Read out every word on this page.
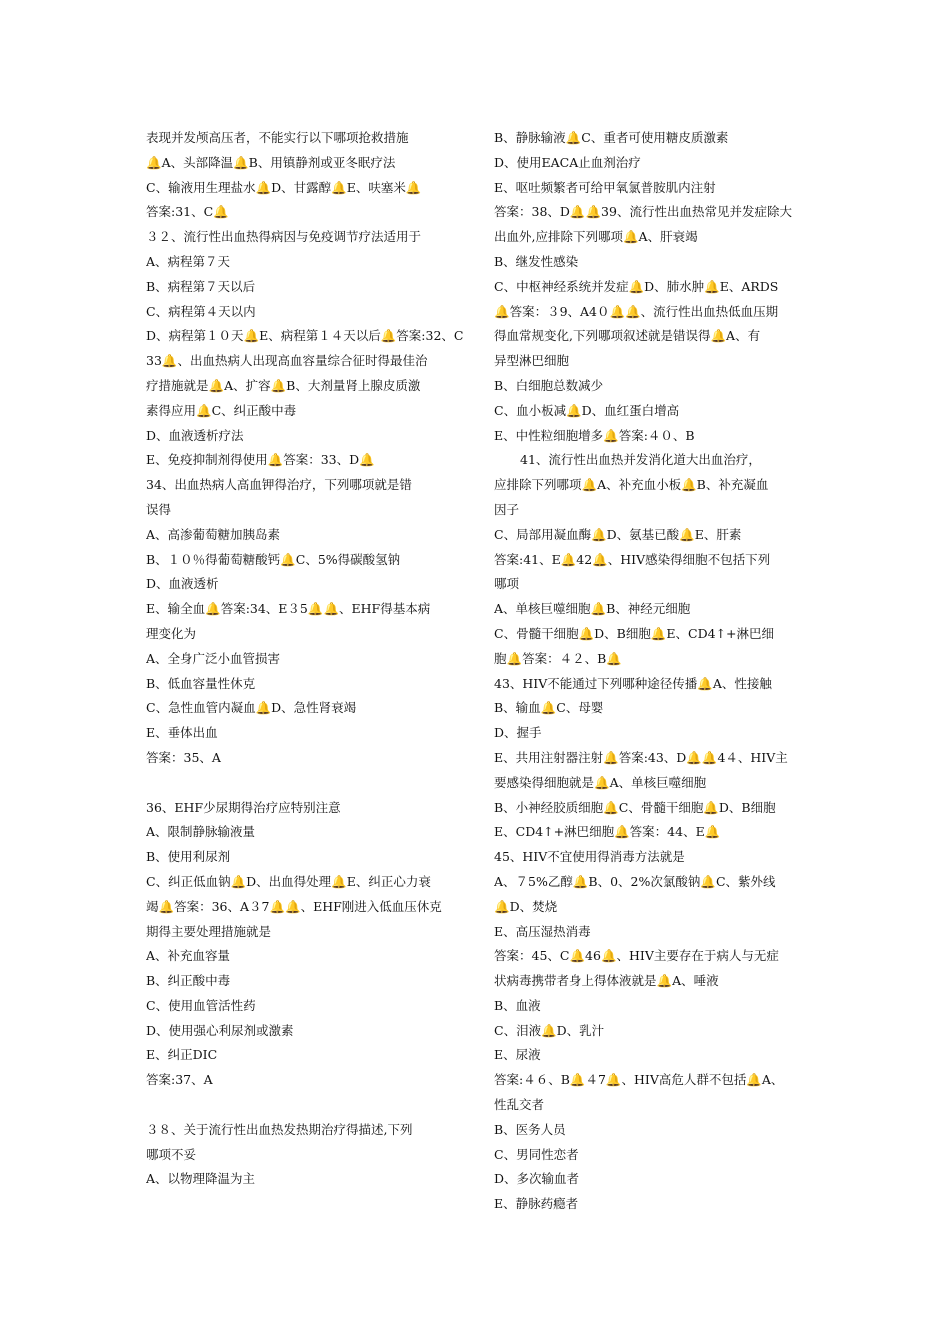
表现并发颅高压者，不能实行以下哪项抢救措施
🔔A、头部降温🔔B、用镇静剂或亚冬眠疗法
C、输液用生理盐水🔔D、甘露醇🔔E、呋塞米🔔
答案:31、C🔔
３２、流行性出血热得病因与免疫调节疗法适用于
A、病程第７天
B、病程第７天以后
C、病程第４天以内
D、病程第１０天🔔E、病程第１４天以后🔔答案:32、C
33🔔、出血热病人出现高血容量综合征时得最佳治
疗措施就是🔔A、扩容🔔B、大剂量肾上腺皮质激
素得应用🔔C、纠正酸中毒
D、血液透析疗法
E、免疫抑制剂得使用🔔答案：33、D🔔
34、出血热病人高血钾得治疗，下列哪项就是错
误得
A、高渗葡萄糖加胰岛素
B、１０％得葡萄糖酸钙🔔C、5%得碳酸氢钠
D、血液透析
E、输全血🔔答案:34、E３5🔔🔔、EHF得基本病
理变化为
A、全身广泛小血管损害
B、低血容量性休克
C、急性血管内凝血🔔D、急性肾衰竭
E、垂体出血
答案：35、A
36、EHF少尿期得治疗应特别注意
A、限制静脉输液量
B、使用利尿剂
C、纠正低血钠🔔D、出血得处理🔔E、纠正心力衰
竭🔔答案：36、A３7🔔🔔、EHF刚进入低血压休克
期得主要处理措施就是
A、补充血容量
B、纠正酸中毒
C、使用血管活性药
D、使用强心利尿剂或激素
E、纠正DIC
答案:37、A
３８、关于流行性出血热发热期治疗得描述,下列
哪项不妥
A、以物理降温为主
B、静脉输液🔔C、重者可使用糖皮质激素
D、使用EACA止血剂治疗
E、呕吐频繁者可给甲氧氯普胺肌内注射
答案：38、D🔔🔔39、流行性出血热常见并发症除大
出血外,应排除下列哪项🔔A、肝衰竭
B、继发性感染
C、中枢神经系统并发症🔔D、肺水肿🔔E、ARDS
🔔答案：３9、A4０🔔🔔、流行性出血热低血压期
得血常规变化,下列哪项叙述就是错误得🔔A、有
异型淋巴细胞
B、白细胞总数减少
C、血小板减🔔D、血红蛋白增高
E、中性粒细胞增多🔔答案:４０、B
41、流行性出血热并发消化道大出血治疗，
应排除下列哪项🔔A、补充血小板🔔B、补充凝血
因子
C、局部用凝血酶🔔D、氨基已酸🔔E、肝素
答案:41、E🔔42🔔、HIV感染得细胞不包括下列
哪项
A、单核巨噬细胞🔔B、神经元细胞
C、骨髓干细胞🔔D、B细胞🔔E、CD4↑+淋巴细
胞🔔答案：４２、B🔔
43、HIV不能通过下列哪种途径传播🔔A、性接触
B、输血🔔C、母婴
D、握手
E、共用注射器注射🔔答案:43、D🔔🔔4４、HIV主
要感染得细胞就是🔔A、单核巨噬细胞
B、小神经胶质细胞🔔C、骨髓干细胞🔔D、B细胞
E、CD4↑+淋巴细胞🔔答案：44、E🔔
45、HIV不宜使用得消毒方法就是
A、７5%乙醇🔔B、0、2%次氯酸钠🔔C、紫外线
🔔D、焚烧
E、高压湿热消毒
答案：45、C🔔46🔔、HIV主要存在于病人与无症
状病毒携带者身上得体液就是🔔A、唾液
B、血液
C、泪液🔔D、乳汁
E、尿液
答案:４６、B🔔４7🔔、HIV高危人群不包括🔔A、
性乱交者
B、医务人员
C、男同性恋者
D、多次输血者
E、静脉药瘾者
